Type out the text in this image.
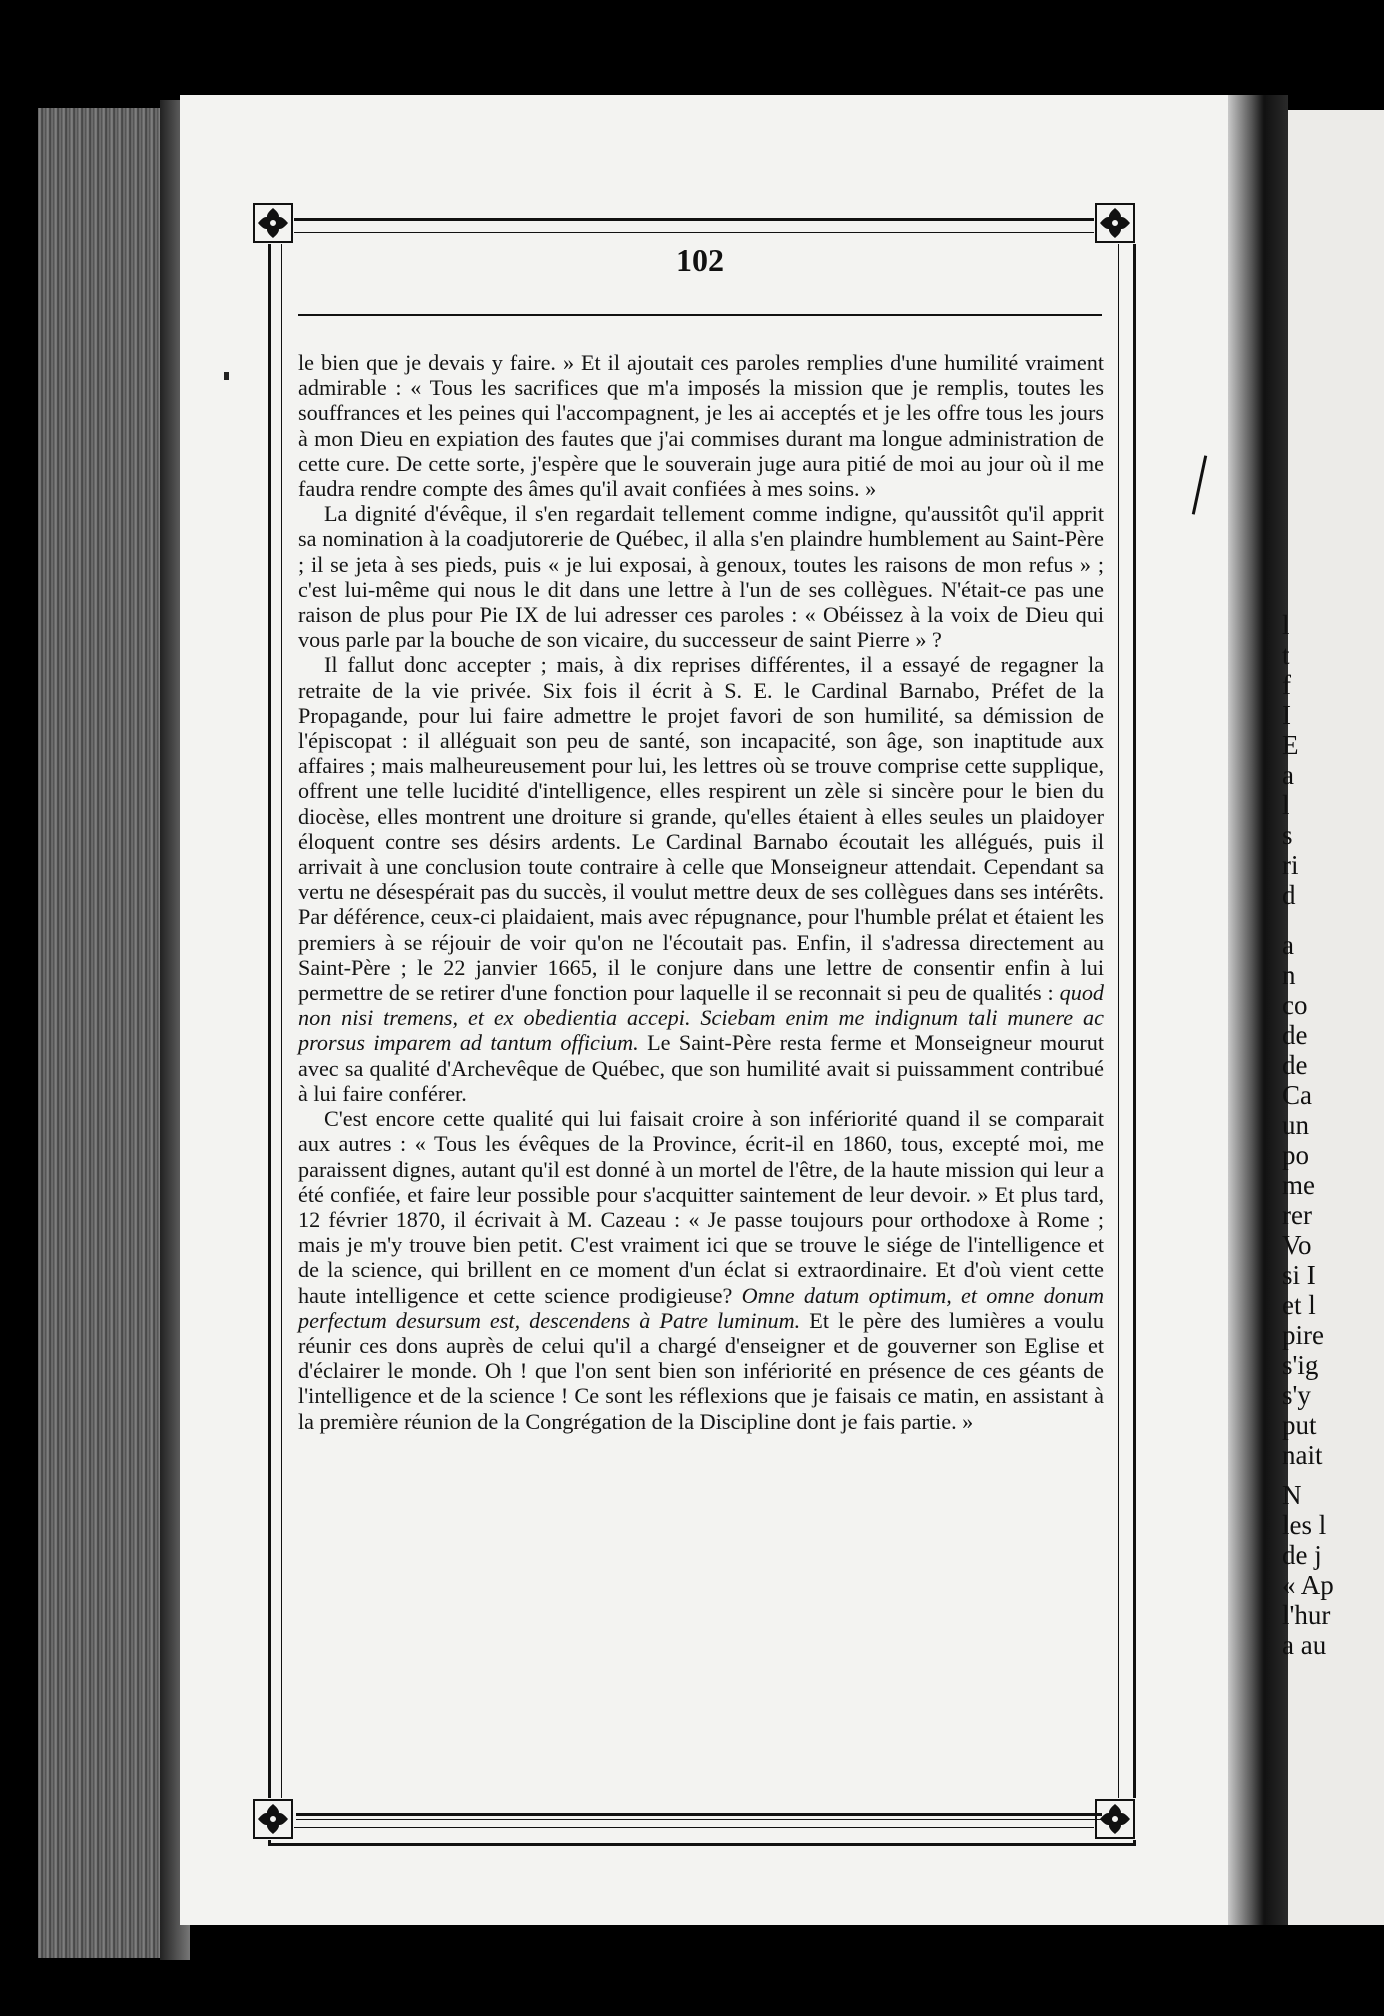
l
t
f
I
E
a
l
s
ri
d
a
n
co
de
de
Ca
un
po
me
rer
Vo
si I
et l
pire
s'ig
s'y
put
nait
N
les l
de j
« Ap
l'hur
a au
102

le bien que je devais y faire. » Et il ajoutait ces paroles remplies d'une humilité vraiment admirable : « Tous les sacrifices que m'a imposés la mission que je remplis, toutes les souffrances et les peines qui l'accompagnent, je les ai acceptés et je les offre tous les jours à mon Dieu en expiation des fautes que j'ai commises durant ma longue administration de cette cure. De cette sorte, j'espère que le souverain juge aura pitié de moi au jour où il me faudra rendre compte des âmes qu'il avait confiées à mes soins. »

La dignité d'évêque, il s'en regardait tellement comme indigne, qu'aussitôt qu'il apprit sa nomination à la coadjutorerie de Québec, il alla s'en plaindre humblement au Saint-Père ; il se jeta à ses pieds, puis « je lui exposai, à genoux, toutes les raisons de mon refus » ; c'est lui-même qui nous le dit dans une lettre à l'un de ses collègues. N'était-ce pas une raison de plus pour Pie IX de lui adresser ces paroles : « Obéissez à la voix de Dieu qui vous parle par la bouche de son vicaire, du successeur de saint Pierre » ?

Il fallut donc accepter ; mais, à dix reprises différentes, il a essayé de regagner la retraite de la vie privée. Six fois il écrit à S. E. le Cardinal Barnabo, Préfet de la Propagande, pour lui faire admettre le projet favori de son humilité, sa démission de l'épiscopat : il alléguait son peu de santé, son incapacité, son âge, son inaptitude aux affaires ; mais malheureusement pour lui, les lettres où se trouve comprise cette supplique, offrent une telle lucidité d'intelligence, elles respirent un zèle si sincère pour le bien du diocèse, elles montrent une droiture si grande, qu'elles étaient à elles seules un plaidoyer éloquent contre ses désirs ardents. Le Cardinal Barnabo écoutait les allégués, puis il arrivait à une conclusion toute contraire à celle que Monseigneur attendait. Cependant sa vertu ne désespérait pas du succès, il voulut mettre deux de ses collègues dans ses intérêts. Par déférence, ceux-ci plaidaient, mais avec répugnance, pour l'humble prélat et étaient les premiers à se réjouir de voir qu'on ne l'écoutait pas. Enfin, il s'adressa directement au Saint-Père ; le 22 janvier 1665, il le conjure dans une lettre de consentir enfin à lui permettre de se retirer d'une fonction pour laquelle il se reconnait si peu de qualités : quod non nisi tremens, et ex obedientia accepi. Sciebam enim me indignum tali munere ac prorsus imparem ad tantum officium. Le Saint-Père resta ferme et Monseigneur mourut avec sa qualité d'Archevêque de Québec, que son humilité avait si puissamment contribué à lui faire conférer.

C'est encore cette qualité qui lui faisait croire à son infériorité quand il se comparait aux autres : « Tous les évêques de la Province, écrit-il en 1860, tous, excepté moi, me paraissent dignes, autant qu'il est donné à un mortel de l'être, de la haute mission qui leur a été confiée, et faire leur possible pour s'acquitter saintement de leur devoir. » Et plus tard, 12 février 1870, il écrivait à M. Cazeau : « Je passe toujours pour orthodoxe à Rome ; mais je m'y trouve bien petit. C'est vraiment ici que se trouve le siége de l'intelligence et de la science, qui brillent en ce moment d'un éclat si extraordinaire. Et d'où vient cette haute intelligence et cette science prodigieuse? Omne datum optimum, et omne donum perfectum desursum est, descendens à Patre luminum. Et le père des lumières a voulu réunir ces dons auprès de celui qu'il a chargé d'enseigner et de gouverner son Eglise et d'éclairer le monde. Oh ! que l'on sent bien son infériorité en présence de ces géants de l'intelligence et de la science ! Ce sont les réflexions que je faisais ce matin, en assistant à la première réunion de la Congrégation de la Discipline dont je fais partie. »
